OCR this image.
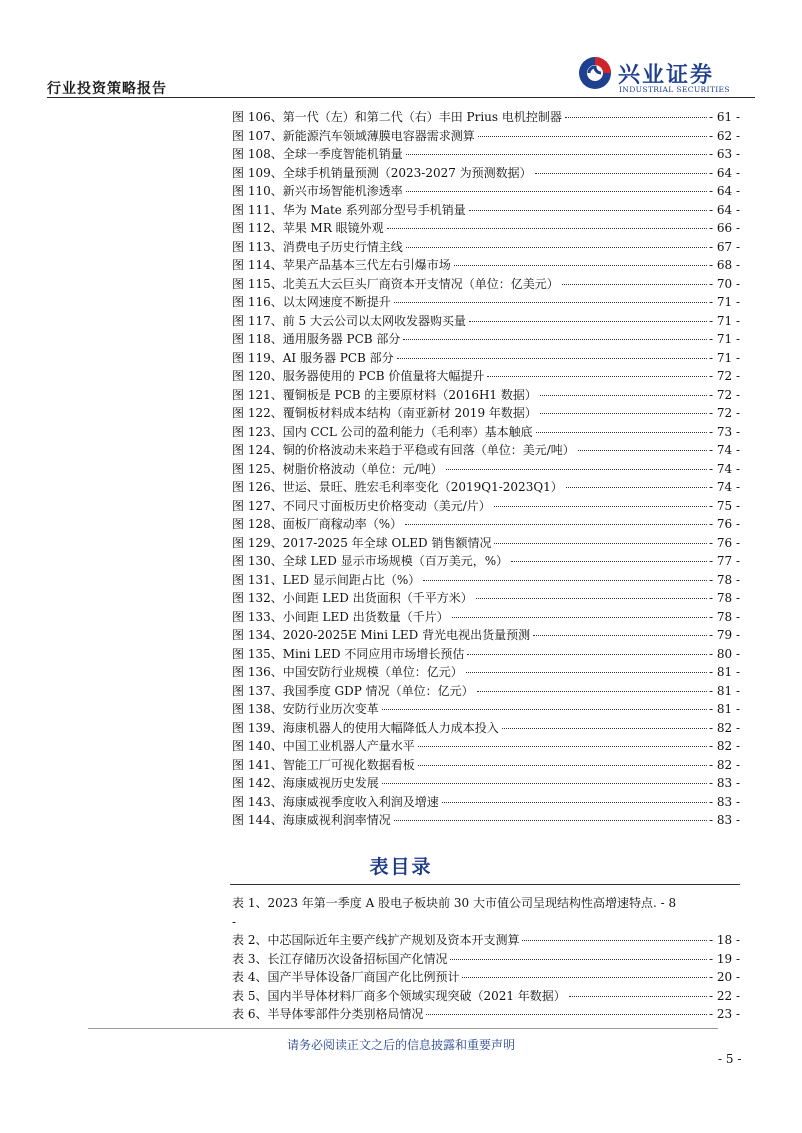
行业投资策略报告
兴业证券
INDUSTRIAL SECURITIES
图 106、第一代（左）和第二代（右）丰田 Prius 电机控制器	- 61 -
图 107、新能源汽车领域薄膜电容器需求测算	- 62 -
图 108、全球一季度智能机销量	- 63 -
图 109、全球手机销量预测（2023-2027 为预测数据）	- 64 -
图 110、新兴市场智能机渗透率	- 64 -
图 111、华为 Mate 系列部分型号手机销量	- 64 -
图 112、苹果 MR 眼镜外观	- 66 -
图 113、消费电子历史行情主线	- 67 -
图 114、苹果产品基本三代左右引爆市场	- 68 -
图 115、北美五大云巨头厂商资本开支情况（单位：亿美元）	- 70 -
图 116、以太网速度不断提升	- 71 -
图 117、前 5 大云公司以太网收发器购买量	- 71 -
图 118、通用服务器 PCB 部分	- 71 -
图 119、AI 服务器 PCB 部分	- 71 -
图 120、服务器使用的 PCB 价值量将大幅提升	- 72 -
图 121、覆铜板是 PCB 的主要原材料（2016H1 数据）	- 72 -
图 122、覆铜板材料成本结构（南亚新材 2019 年数据）	- 72 -
图 123、国内 CCL 公司的盈利能力（毛利率）基本触底	- 73 -
图 124、铜的价格波动未来趋于平稳或有回落（单位：美元/吨）	- 74 -
图 125、树脂价格波动（单位：元/吨）	- 74 -
图 126、世运、景旺、胜宏毛利率变化（2019Q1-2023Q1）	- 74 -
图 127、不同尺寸面板历史价格变动（美元/片）	- 75 -
图 128、面板厂商稼动率（%）	- 76 -
图 129、2017-2025 年全球 OLED 销售额情况	- 76 -
图 130、全球 LED 显示市场规模（百万美元，%）	- 77 -
图 131、LED 显示间距占比（%）	- 78 -
图 132、小间距 LED 出货面积（千平方米）	- 78 -
图 133、小间距 LED 出货数量（千片）	- 78 -
图 134、2020-2025E Mini LED 背光电视出货量预测	- 79 -
图 135、Mini LED 不同应用市场增长预估	- 80 -
图 136、中国安防行业规模（单位：亿元）	- 81 -
图 137、我国季度 GDP 情况（单位：亿元）	- 81 -
图 138、安防行业历次变革	- 81 -
图 139、海康机器人的使用大幅降低人力成本投入	- 82 -
图 140、中国工业机器人产量水平	- 82 -
图 141、智能工厂可视化数据看板	- 82 -
图 142、海康威视历史发展	- 83 -
图 143、海康威视季度收入利润及增速	- 83 -
图 144、海康威视利润率情况	- 83 -
表目录
表 1、2023 年第一季度 A 股电子板块前 30 大市值公司呈现结构性高增速特点. - 8
-
表 2、中芯国际近年主要产线扩产规划及资本开支测算	- 18 -
表 3、长江存储历次设备招标国产化情况	- 19 -
表 4、国产半导体设备厂商国产化比例预计	- 20 -
表 5、国内半导体材料厂商多个领域实现突破（2021 年数据）	- 22 -
表 6、半导体零部件分类别格局情况	- 23 -
请务必阅读正文之后的信息披露和重要声明
- 5 -
